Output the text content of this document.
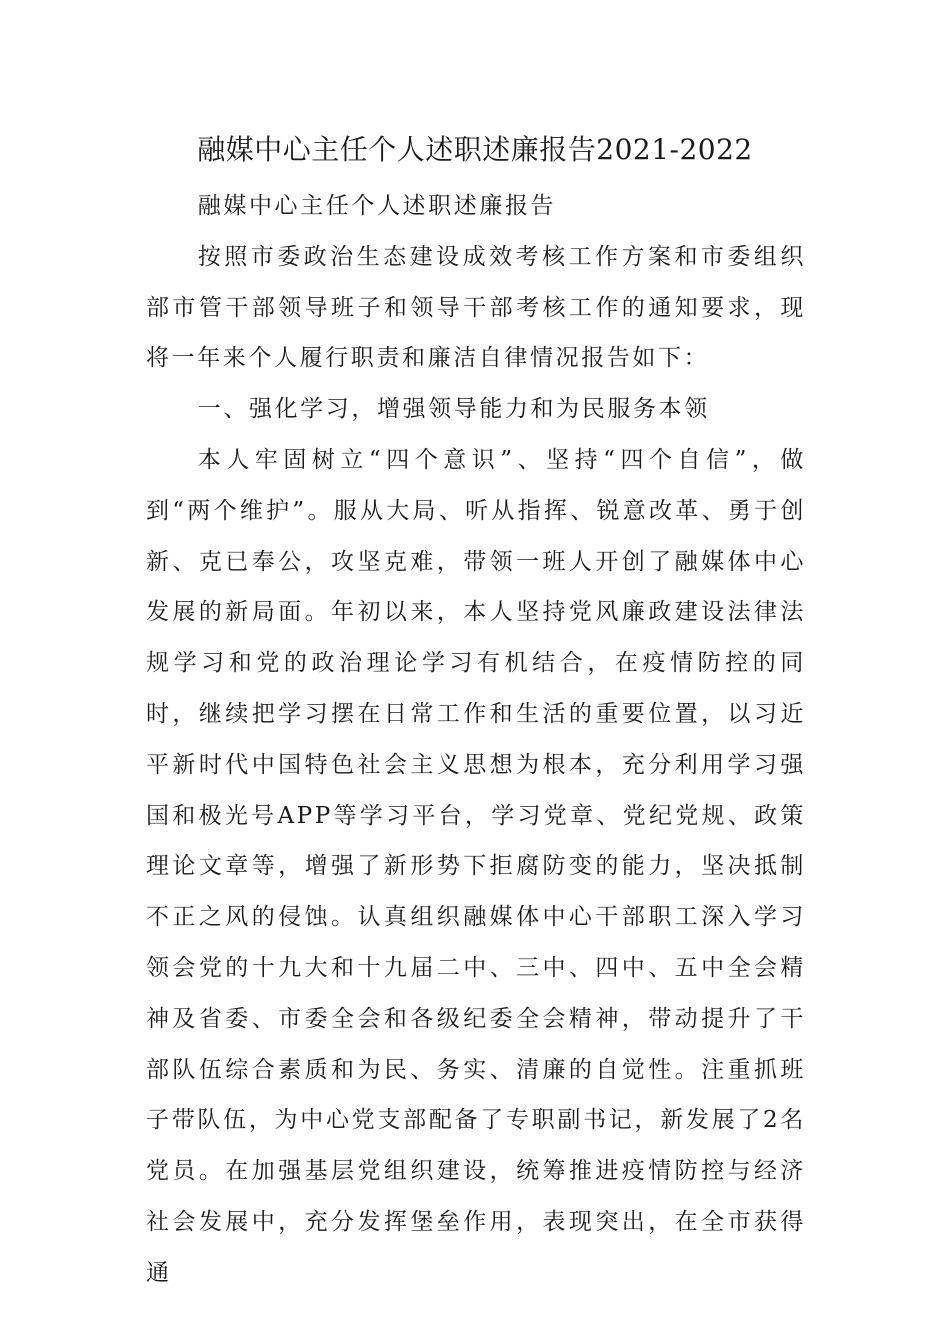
融媒中心主任个人述职述廉报告2021-2022

融媒中心主任个人述职述廉报告

按照市委政治生态建设成效考核工作方案和市委组织部市管干部领导班子和领导干部考核工作的通知要求，现将一年来个人履行职责和廉洁自律情况报告如下：

一、强化学习，增强领导能力和为民服务本领

本人牢固树立“四个意识”、坚持“四个自信”，做到“两个维护”。服从大局、听从指挥、锐意改革、勇于创新、克已奉公，攻坚克难，带领一班人开创了融媒体中心发展的新局面。年初以来，本人坚持党风廉政建设法律法规学习和党的政治理论学习有机结合，在疫情防控的同时，继续把学习摆在日常工作和生活的重要位置，以习近平新时代中国特色社会主义思想为根本，充分利用学习强国和极光号APP等学习平台，学习党章、党纪党规、政策理论文章等，增强了新形势下拒腐防变的能力，坚决抵制不正之风的侵蚀。认真组织融媒体中心干部职工深入学习领会党的十九大和十九届二中、三中、四中、五中全会精神及省委、市委全会和各级纪委全会精神，带动提升了干部队伍综合素质和为民、务实、清廉的自觉性。注重抓班子带队伍，为中心党支部配备了专职副书记，新发展了2名党员。在加强基层党组织建设，统筹推进疫情防控与经济社会发展中，充分发挥堡垒作用，表现突出，在全市获得通
